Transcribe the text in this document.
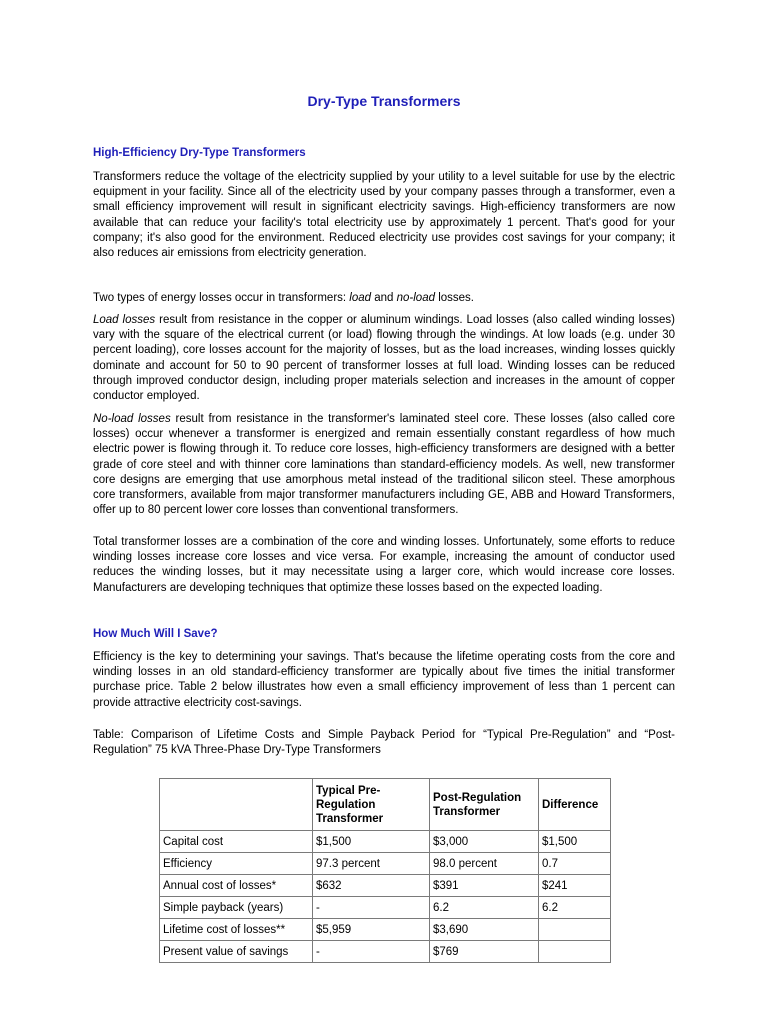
Dry-Type Transformers
High-Efficiency Dry-Type Transformers

Transformers reduce the voltage of the electricity supplied by your utility to a level suitable for use by the electric equipment in your facility. Since all of the electricity used by your company passes through a transformer, even a small efficiency improvement will result in significant electricity savings. High-efficiency transformers are now available that can reduce your facility's total electricity use by approximately 1 percent. That's good for your company; it's also good for the environment. Reduced electricity use provides cost savings for your company; it also reduces air emissions from electricity generation.

Two types of energy losses occur in transformers: load and no-load losses.

Load losses result from resistance in the copper or aluminum windings. Load losses (also called winding losses) vary with the square of the electrical current (or load) flowing through the windings. At low loads (e.g. under 30 percent loading), core losses account for the majority of losses, but as the load increases, winding losses quickly dominate and account for 50 to 90 percent of transformer losses at full load. Winding losses can be reduced through improved conductor design, including proper materials selection and increases in the amount of copper conductor employed.

No-load losses result from resistance in the transformer's laminated steel core. These losses (also called core losses) occur whenever a transformer is energized and remain essentially constant regardless of how much electric power is flowing through it. To reduce core losses, high-efficiency transformers are designed with a better grade of core steel and with thinner core laminations than standard-efficiency models. As well, new transformer core designs are emerging that use amorphous metal instead of the traditional silicon steel. These amorphous core transformers, available from major transformer manufacturers including GE, ABB and Howard Transformers, offer up to 80 percent lower core losses than conventional transformers.

Total transformer losses are a combination of the core and winding losses. Unfortunately, some efforts to reduce winding losses increase core losses and vice versa. For example, increasing the amount of conductor used reduces the winding losses, but it may necessitate using a larger core, which would increase core losses. Manufacturers are developing techniques that optimize these losses based on the expected loading.

How Much Will I Save?

Efficiency is the key to determining your savings. That's because the lifetime operating costs from the core and winding losses in an old standard-efficiency transformer are typically about five times the initial transformer purchase price. Table 2 below illustrates how even a small efficiency improvement of less than 1 percent can provide attractive electricity cost-savings.

Table: Comparison of Lifetime Costs and Simple Payback Period for “Typical Pre-Regulation” and “Post-Regulation” 75 kVA Three-Phase Dry-Type Transformers

	Typical Pre-Regulation Transformer	Post-Regulation Transformer	Difference
Capital cost	$1,500	$3,000	$1,500
Efficiency	97.3 percent	98.0 percent	0.7
Annual cost of losses*	$632	$391	$241
Simple payback (years)	-	6.2	6.2
Lifetime cost of losses**	$5,959	$3,690	
Present value of savings	-	$769	
